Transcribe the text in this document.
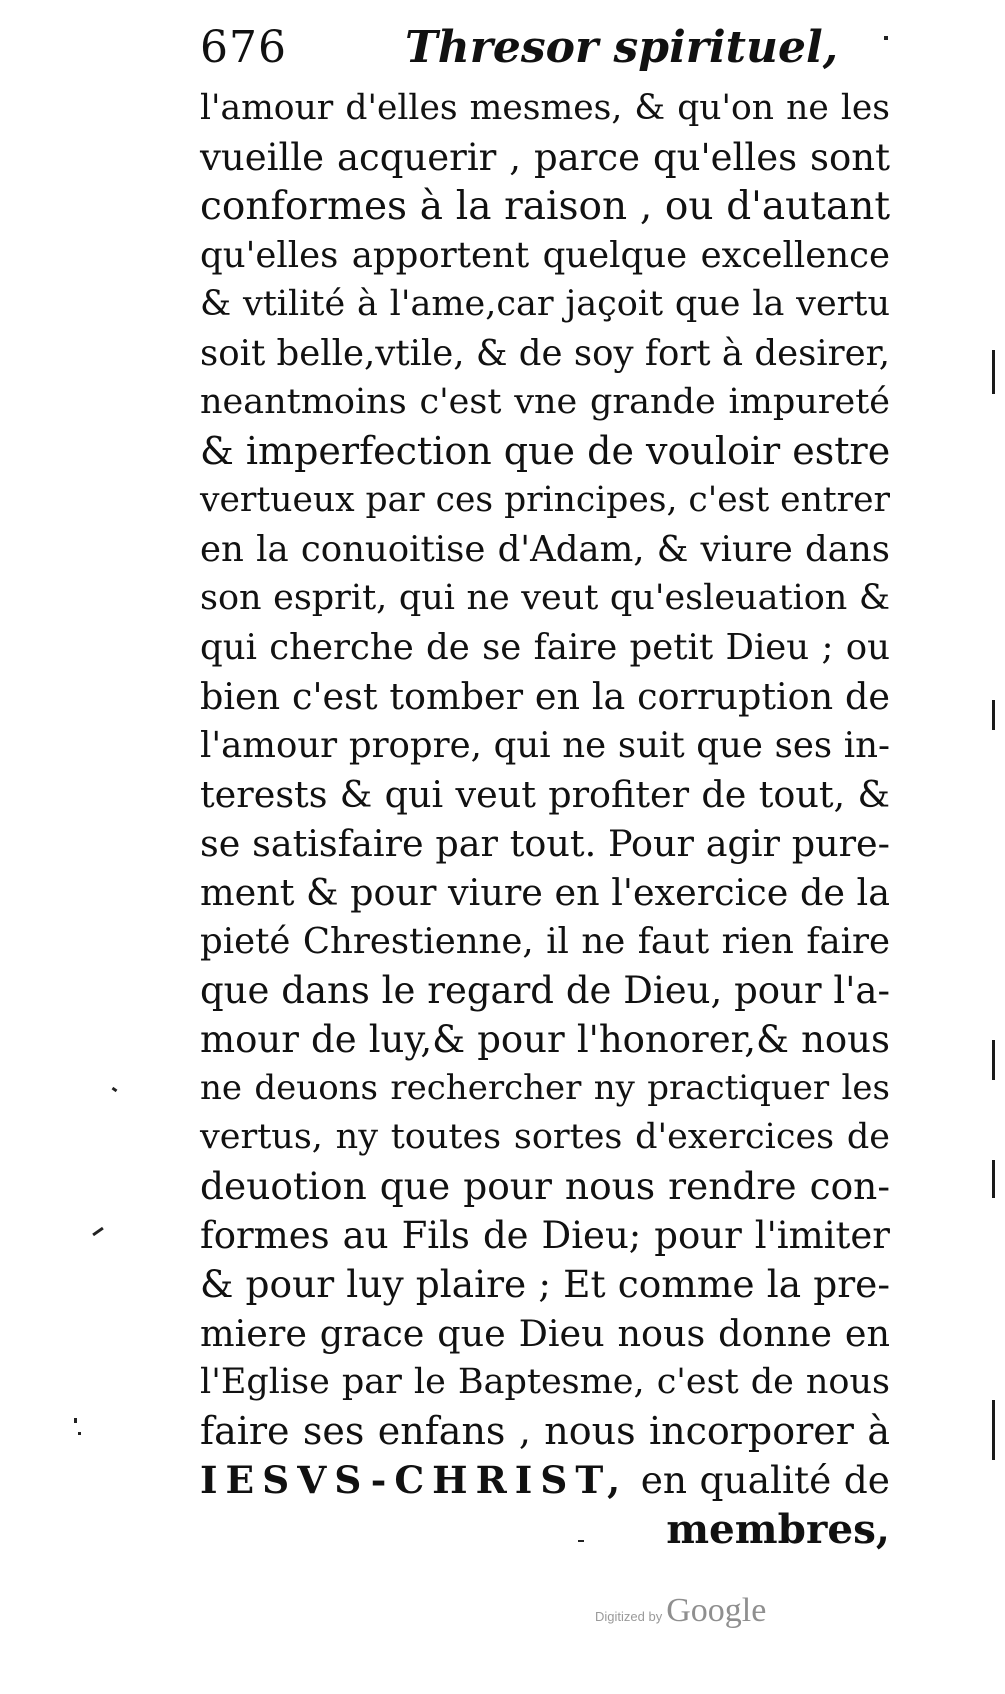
676	Thresor spirituel,
l'amour d'elles mesmes, & qu'on ne les
vueille acquerir , parce qu'elles sont
conformes à la raison , ou d'autant
qu'elles apportent quelque excellence
& vtilité à l'ame,car jaçoit que la vertu
soit belle,vtile, & de soy fort à desirer,
neantmoins c'est vne grande impureté
& imperfection que de vouloir estre
vertueux par ces principes, c'est entrer
en la conuoitise d'Adam, & viure dans
son esprit, qui ne veut qu'esleuation &
qui cherche de se faire petit Dieu ; ou
bien c'est tomber en la corruption de
l'amour propre, qui ne suit que ses in-
terests & qui veut profiter de tout, &
se satisfaire par tout. Pour agir pure-
ment & pour viure en l'exercice de la
pieté Chrestienne, il ne faut rien faire
que dans le regard de Dieu, pour l'a-
mour de luy,& pour l'honorer,& nous
ne deuons rechercher ny practiquer les
vertus, ny toutes sortes d'exercices de
deuotion que pour nous rendre con-
formes au Fils de Dieu; pour l'imiter
& pour luy plaire ; Et comme la pre-
miere grace que Dieu nous donne en
l'Eglise par le Baptesme, c'est de nous
faire ses enfans , nous incorporer à
IESVS-CHRIST, en qualité de
membres,
Digitized by Google
